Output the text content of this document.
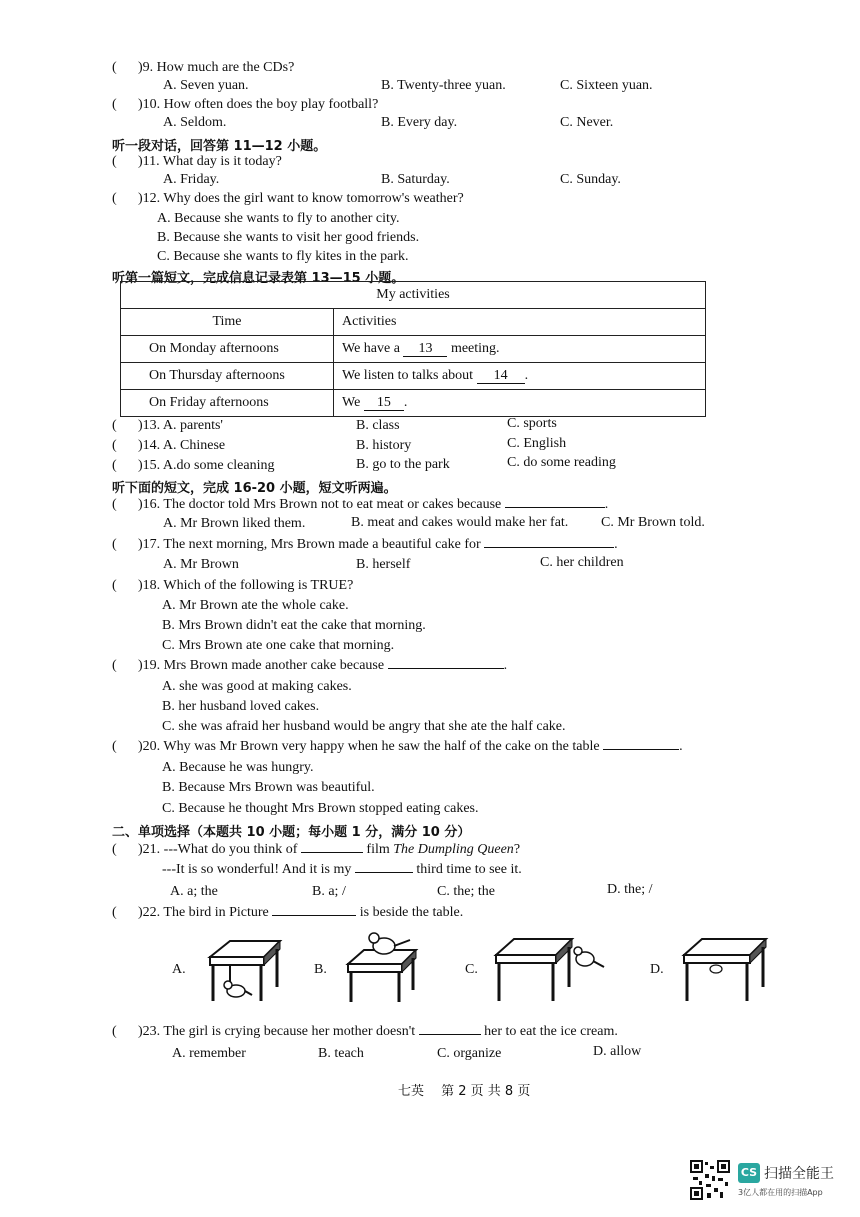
( )9. How much are the CDs?
A. Seven yuan.	B. Twenty-three yuan.	C. Sixteen yuan.
( )10. How often does the boy play football?
A. Seldom.	B. Every day.	C. Never.
听一段对话，回答第 11—12 小题。
( )11. What day is it today?
A. Friday.	B. Saturday.	C. Sunday.
( )12. Why does the girl want to know tomorrow's weather?
A. Because she wants to fly to another city.
B. Because she wants to visit her good friends.
C. Because she wants to fly kites in the park.
听第一篇短文，完成信息记录表第 13—15 小题。
My activities	
Time	Activities
On Monday afternoons	We have a 13 meeting.
On Thursday afternoons	We listen to talks about 14 .
On Friday afternoons	We 15 .
( )13. A. parents'	B. class	C. sports
( )14. A. Chinese	B. history	C. English
( )15. A.do some cleaning	B. go to the park	C. do some reading
听下面的短文，完成 16-20 小题，短文听两遍。
( )16. The doctor told Mrs Brown not to eat meat or cakes because	.
A. Mr Brown liked them.	B. meat and cakes would make her fat. C. Mr Brown told.
( )17. The next morning, Mrs Brown made a beautiful cake for	.
A. Mr Brown	B. herself	C. her children
( )18. Which of the following is TRUE?
A. Mr Brown ate the whole cake.
B. Mrs Brown didn't eat the cake that morning.
C. Mrs Brown ate one cake that morning.
( )19. Mrs Brown made another cake because	.
A. she was good at making cakes.
B. her husband loved cakes.
C. she was afraid her husband would be angry that she ate the half cake.
( )20. Why was Mr Brown very happy when he saw the half of the cake on the table	.
A. Because he was hungry.
B. Because Mrs Brown was beautiful.
C. Because he thought Mrs Brown stopped eating cakes.
二、单项选择（本题共 10 小题；每小题 1 分，满分 10 分）
( )21. ---What do you think of	film The Dumpling Queen?
---It is so wonderful! And it is my	third time to see it.
A. a; the	B. a; /	C. the; the	D. the; /
( )22. The bird in Picture	is beside the table.
A.	B.	C.	D.
( )23. The girl is crying because her mother doesn't	her to eat the ice cream.
A. remember	B. teach	C. organize	D. allow
七英　 第 2 页 共 8 页
CS 扫描全能王
3亿人都在用的扫描App
